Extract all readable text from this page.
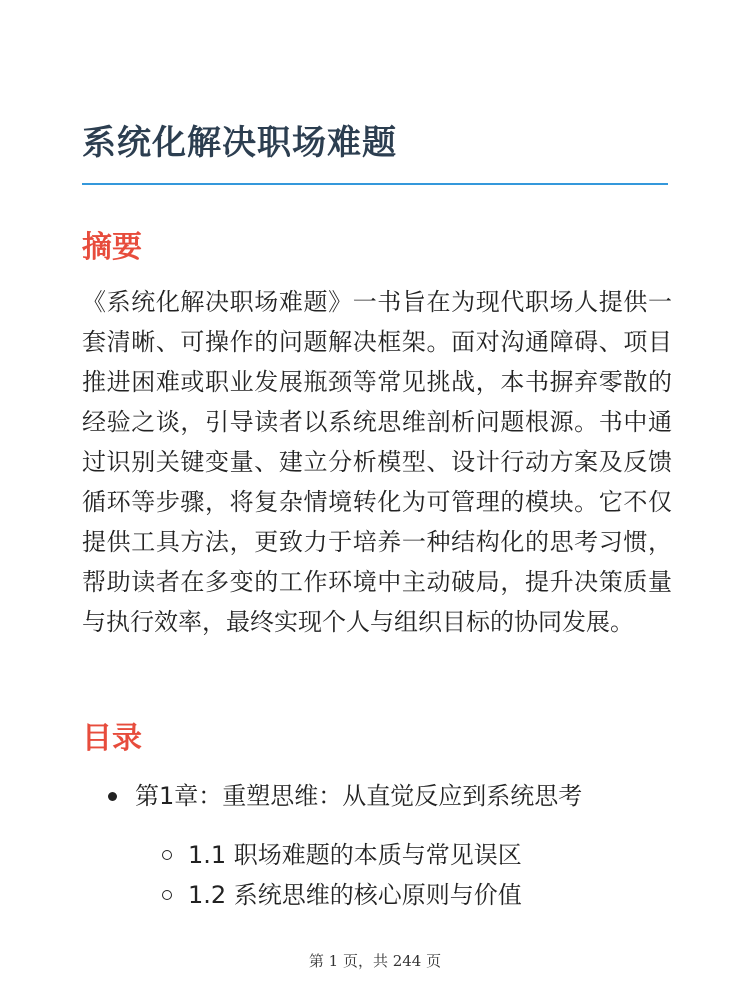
系统化解决职场难题
摘要

《系统化解决职场难题》一书旨在为现代职场人提供一套清晰、可操作的问题解决框架。面对沟通障碍、项目推进困难或职业发展瓶颈等常见挑战，本书摒弃零散的经验之谈，引导读者以系统思维剖析问题根源。书中通过识别关键变量、建立分析模型、设计行动方案及反馈循环等步骤，将复杂情境转化为可管理的模块。它不仅提供工具方法，更致力于培养一种结构化的思考习惯，帮助读者在多变的工作环境中主动破局，提升决策质量与执行效率，最终实现个人与组织目标的协同发展。

目录
第1章：重塑思维：从直觉反应到系统思考
1.1 职场难题的本质与常见误区
1.2 系统思维的核心原则与价值
第 1 页，共 244 页
